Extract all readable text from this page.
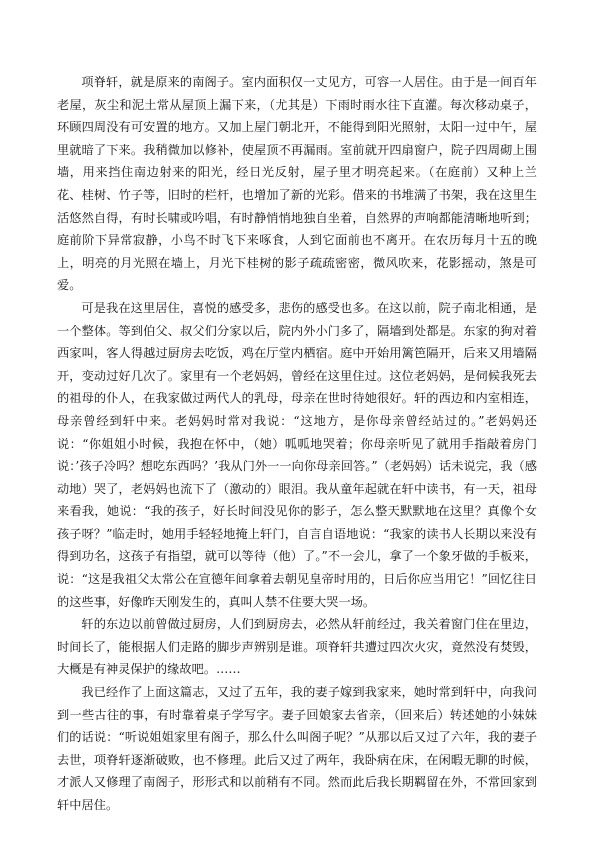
项脊轩，就是原来的南阁子。室内面积仅一丈见方，可容一人居住。由于是一间百年老屋，灰尘和泥土常从屋顶上漏下来，（尤其是）下雨时雨水往下直灌。每次移动桌子，环顾四周没有可安置的地方。又加上屋门朝北开，不能得到阳光照射，太阳一过中午，屋里就暗了下来。我稍微加以修补，使屋顶不再漏雨。室前就开四扇窗户，院子四周砌上围墙，用来挡住南边射来的阳光，经日光反射，屋子里才明亮起来。（在庭前）又种上兰花、桂树、竹子等，旧时的栏杆，也增加了新的光彩。借来的书堆满了书架，我在这里生活悠然自得，有时长啸或吟唱，有时静悄悄地独自坐着，自然界的声响都能清晰地听到；庭前阶下异常寂静，小鸟不时飞下来啄食，人到它面前也不离开。在农历每月十五的晚上，明亮的月光照在墙上，月光下桂树的影子疏疏密密，微风吹来，花影摇动，煞是可爱。

可是我在这里居住，喜悦的感受多，悲伤的感受也多。在这以前，院子南北相通，是一个整体。等到伯父、叔父们分家以后，院内外小门多了，隔墙到处都是。东家的狗对着西家叫，客人得越过厨房去吃饭，鸡在厅堂内栖宿。庭中开始用篱笆隔开，后来又用墙隔开，变动过好几次了。家里有一个老妈妈，曾经在这里住过。这位老妈妈，是伺候我死去的祖母的仆人，在我家做过两代人的乳母，母亲在世时待她很好。轩的西边和内室相连，母亲曾经到轩中来。老妈妈时常对我说：“这地方，是你母亲曾经站过的。”老妈妈还说：“你姐姐小时候，我抱在怀中，（她）呱呱地哭着；你母亲听见了就用手指敲着房门说：’孩子冷吗？想吃东西吗？’我从门外一一向你母亲回答。”（老妈妈）话未说完，我（感动地）哭了，老妈妈也流下了（激动的）眼泪。我从童年起就在轩中读书，有一天，祖母来看我，她说：“我的孩子，好长时间没见你的影子，怎么整天默默地在这里？真像个女孩子呀？”临走时，她用手轻轻地掩上轩门，自言自语地说：“我家的读书人长期以来没有得到功名，这孩子有指望，就可以等待（他）了。”不一会儿，拿了一个象牙做的手板来，说：“这是我祖父太常公在宣德年间拿着去朝见皇帝时用的，日后你应当用它！”回忆往日的这些事，好像昨天刚发生的，真叫人禁不住要大哭一场。

轩的东边以前曾做过厨房，人们到厨房去，必然从轩前经过，我关着窗门住在里边，时间长了，能根据人们走路的脚步声辨别是谁。项脊轩共遭过四次火灾，竟然没有焚毁，大概是有神灵保护的缘故吧。……

我已经作了上面这篇志，又过了五年，我的妻子嫁到我家来，她时常到轩中，向我问到一些古往的事，有时靠着桌子学写字。妻子回娘家去省亲，（回来后）转述她的小妹妹们的话说：“听说姐姐家里有阁子，那么什么叫阁子呢？”从那以后又过了六年，我的妻子去世，项脊轩逐渐破败，也不修理。此后又过了两年，我卧病在床，在闲暇无聊的时候，才派人又修理了南阁子，形形式和以前稍有不同。然而此后我长期羁留在外，不常回家到轩中居住。
